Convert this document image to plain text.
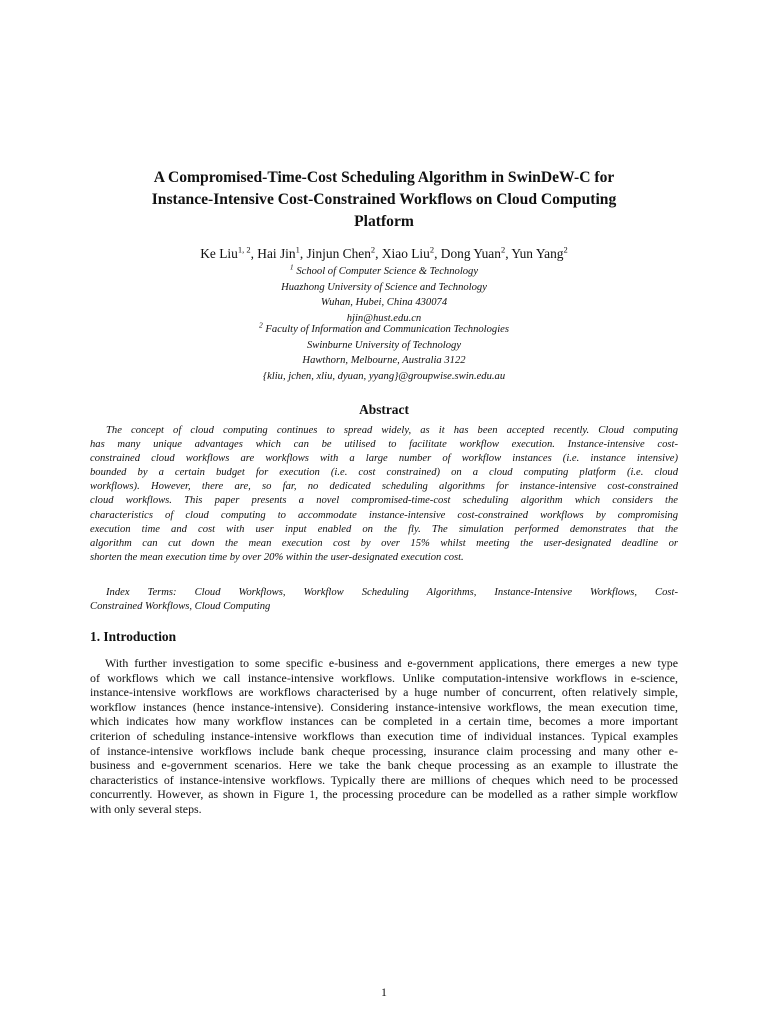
A Compromised-Time-Cost Scheduling Algorithm in SwinDeW-C for
Instance-Intensive Cost-Constrained Workflows on Cloud Computing
Platform
Ke Liu$^{1, 2}$, Hai Jin$^1$, Jinjun Chen$^2$, Xiao Liu$^2$, Dong Yuan$^2$, Yun Yang$^2$
$^1$ School of Computer Science & Technology
Huazhong University of Science and Technology
Wuhan, Hubei, China 430074
hjin@hust.edu.cn
$^2$ Faculty of Information and Communication Technologies
Swinburne University of Technology
Hawthorn, Melbourne, Australia 3122
{kliu, jchen, xliu, dyuan, yyang}@groupwise.swin.edu.au
Abstract
The concept of cloud computing continues to spread widely, as it has been accepted recently. Cloud computing
has many unique advantages which can be utilised to facilitate workflow execution. Instance-intensive cost-
constrained cloud workflows are workflows with a large number of workflow instances (i.e. instance intensive)
bounded by a certain budget for execution (i.e. cost constrained) on a cloud computing platform (i.e. cloud
workflows). However, there are, so far, no dedicated scheduling algorithms for instance-intensive cost-constrained
cloud workflows. This paper presents a novel compromised-time-cost scheduling algorithm which considers the
characteristics of cloud computing to accommodate instance-intensive cost-constrained workflows by compromising
execution time and cost with user input enabled on the fly. The simulation performed demonstrates that the
algorithm can cut down the mean execution cost by over 15% whilst meeting the user-designated deadline or
shorten the mean execution time by over 20% within the user-designated execution cost.
Index Terms: Cloud Workflows, Workflow Scheduling Algorithms, Instance-Intensive Workflows, Cost-
Constrained Workflows, Cloud Computing
1. Introduction
With further investigation to some specific e-business and e-government applications, there emerges a new type
of workflows which we call instance-intensive workflows. Unlike computation-intensive workflows in e-science,
instance-intensive workflows are workflows characterised by a huge number of concurrent, often relatively simple,
workflow instances (hence instance-intensive). Considering instance-intensive workflows, the mean execution time,
which indicates how many workflow instances can be completed in a certain time, becomes a more important
criterion of scheduling instance-intensive workflows than execution time of individual instances. Typical examples
of instance-intensive workflows include bank cheque processing, insurance claim processing and many other e-
business and e-government scenarios. Here we take the bank cheque processing as an example to illustrate the
characteristics of instance-intensive workflows. Typically there are millions of cheques which need to be processed
concurrently. However, as shown in Figure 1, the processing procedure can be modelled as a rather simple workflow
with only several steps.
1
